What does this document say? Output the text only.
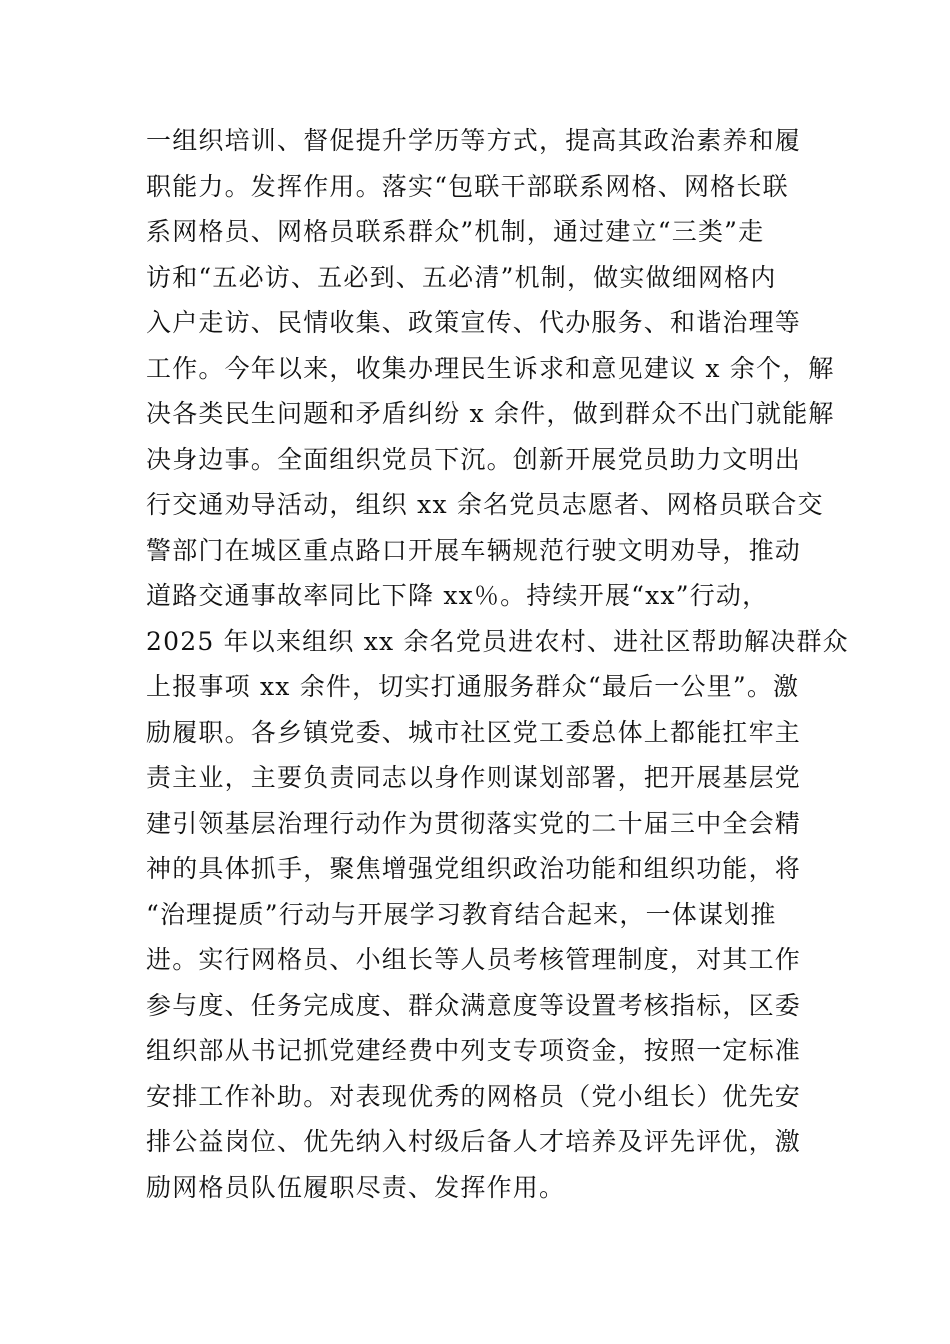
一组织培训、督促提升学历等方式，提高其政治素养和履
职能力。发挥作用。落实“包联干部联系网格、网格长联
系网格员、网格员联系群众”机制，通过建立“三类”走
访和“五必访、五必到、五必清”机制，做实做细网格内
入户走访、民情收集、政策宣传、代办服务、和谐治理等
工作。今年以来，收集办理民生诉求和意见建议 x 余个，解
决各类民生问题和矛盾纠纷 x 余件，做到群众不出门就能解
决身边事。全面组织党员下沉。创新开展党员助力文明出
行交通劝导活动，组织 xx 余名党员志愿者、网格员联合交
警部门在城区重点路口开展车辆规范行驶文明劝导，推动
道路交通事故率同比下降 xx％。持续开展“xx”行动，
2025 年以来组织 xx 余名党员进农村、进社区帮助解决群众
上报事项 xx 余件，切实打通服务群众“最后一公里”。激
励履职。各乡镇党委、城市社区党工委总体上都能扛牢主
责主业，主要负责同志以身作则谋划部署，把开展基层党
建引领基层治理行动作为贯彻落实党的二十届三中全会精
神的具体抓手，聚焦增强党组织政治功能和组织功能，将
“治理提质”行动与开展学习教育结合起来，一体谋划推
进。实行网格员、小组长等人员考核管理制度，对其工作
参与度、任务完成度、群众满意度等设置考核指标，区委
组织部从书记抓党建经费中列支专项资金，按照一定标准
安排工作补助。对表现优秀的网格员（党小组长）优先安
排公益岗位、优先纳入村级后备人才培养及评先评优，激
励网格员队伍履职尽责、发挥作用。
